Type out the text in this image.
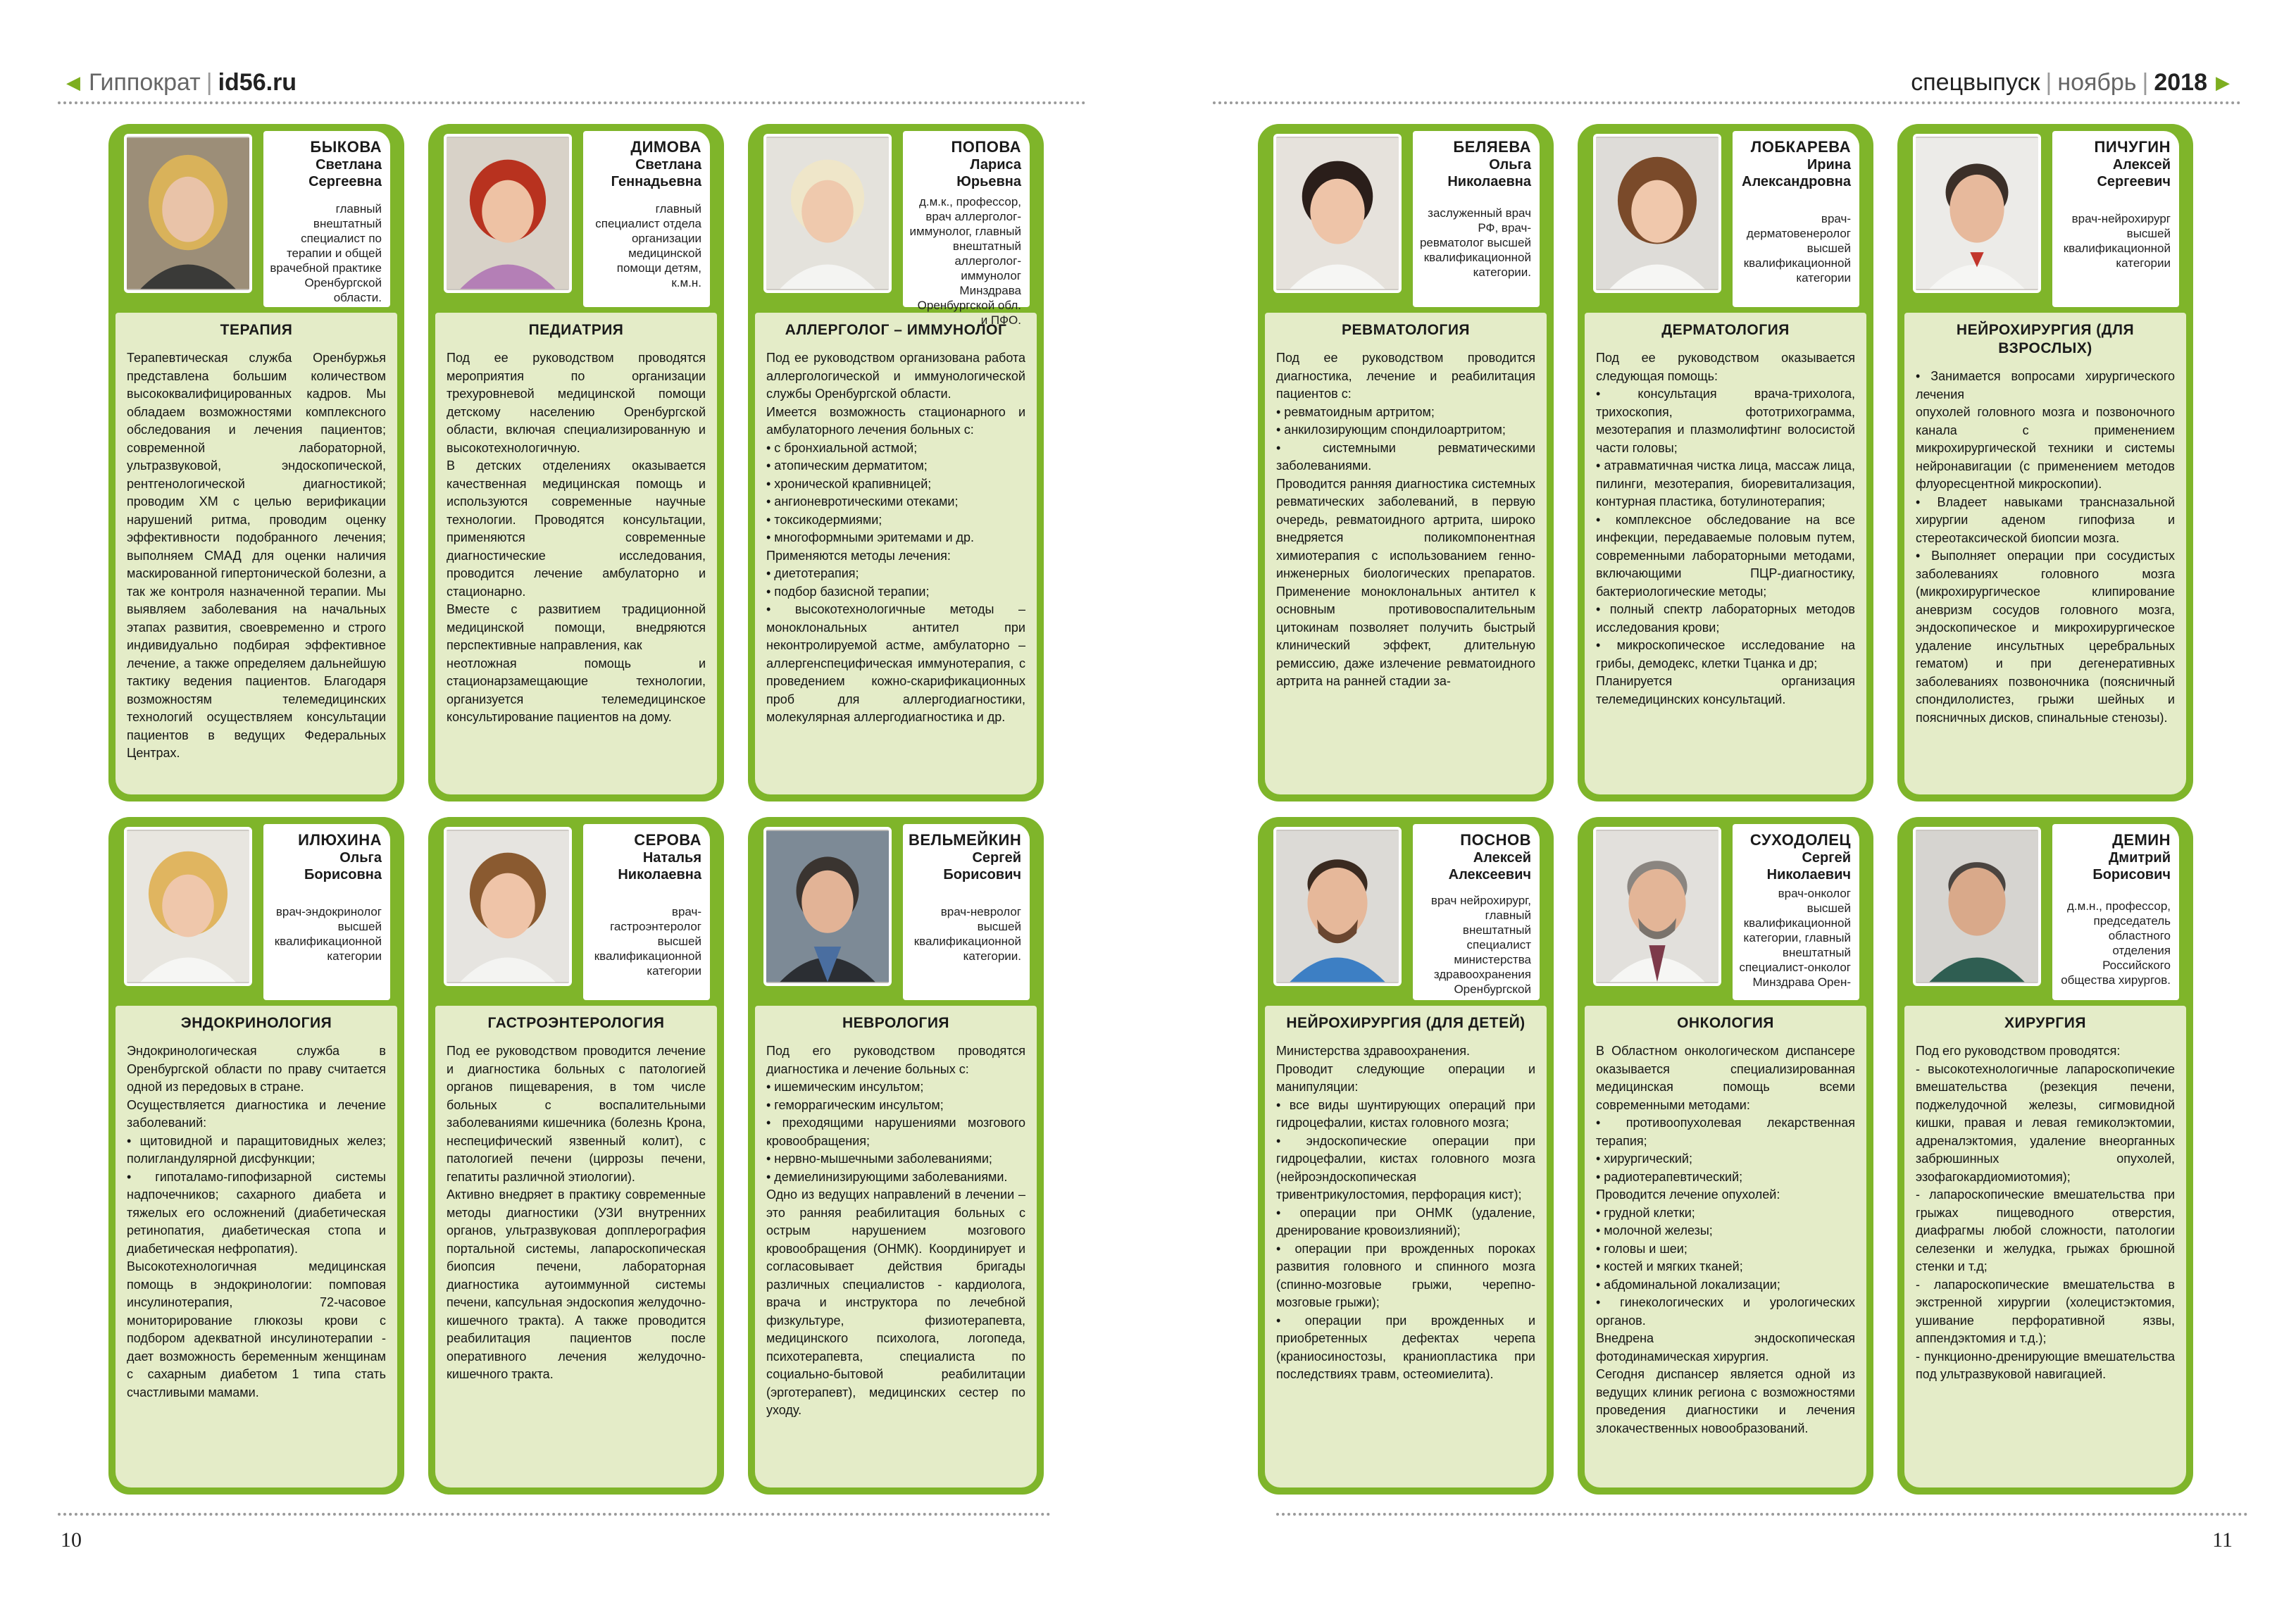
◀ Гиппократ | id56.ru
БЫКОВА
Светлана
Сергеевна
главный внештатный специалист по терапии и общей врачебной практике Оренбургской области.
ТЕРАПИЯ
Терапевтическая служба Оренбуржья представлена большим количеством высококвалифицированных кадров. Мы обладаем возможностями комплексного обследования и лечения пациентов; современной лабораторной, ультразвуковой, эндоскопической, рентгенологической диагностикой; проводим ХМ с целью верификации нарушений ритма, проводим оценку эффективности подобранного лечения; выполняем СМАД для оценки наличия маскированной гипертонической болезни, а так же контроля назначенной терапии. Мы выявляем заболевания на начальных этапах развития, своевременно и строго индивидуально подбирая эффективное лечение, а также определяем дальнейшую тактику ведения пациентов. Благодаря возможностям телемедицинских технологий осуществляем консультации пациентов в ведущих Федеральных Центрах.
ДИМОВА
Светлана
Геннадьевна
главный специалист отдела организации медицинской помощи детям, к.м.н.
ПЕДИАТРИЯ
Под ее руководством проводятся мероприятия по организации трехуровневой медицинской помощи детскому населению Оренбургской области, включая специализированную и высокотехнологичную.
В детских отделениях оказывается качественная медицинская помощь и используются современные научные технологии. Проводятся консультации, применяются современные диагностические исследования, проводится лечение амбулаторно и стационарно.
Вместе с развитием традиционной медицинской помощи, внедряются перспективные направления, как
неотложная помощь и стационарзамещающие технологии, организуется телемедицинское консультирование пациентов на дому.
ПОПОВА
Лариса
Юрьевна
д.м.к., профессор, врач аллерголог-иммунолог, главный внештатный аллерголог-иммунолог Минздрава Оренбургской обл. и ПФО.
АЛЛЕРГОЛОГ – ИММУНОЛОГ
Под ее руководством организована работа аллергологической и иммунологической службы Оренбургской области.
Имеется возможность стационарного и амбулаторного лечения больных с:
• с бронхиальной астмой;
• атопическим дерматитом;
• хронической крапивницей;
• ангионевротическими отеками;
• токсикодермиями;
• многоформными эритемами и др.
Применяются методы лечения:
• диетотерапия;
• подбор базисной терапии;
• высокотехнологичные методы – моноклональных антител при неконтролируемой астме, амбулаторно – аллергенспецифическая иммунотерапия, с проведением кожно-скарификационных проб для аллергодиагностики, молекулярная аллергодиагностика и др.
ИЛЮХИНА
Ольга
Борисовна
врач-эндокринолог высшей квалификационной категории
ЭНДОКРИНОЛОГИЯ
Эндокринологическая служба в Оренбургской области по праву считается одной из передовых в стране.
Осуществляется диагностика и лечение заболеваний:
• щитовидной и паращитовидных желез; полигландулярной дисфункции;
• гипоталамо-гипофизарной системы надпочечников; сахарного диабета и тяжелых его осложнений (диабетическая ретинопатия, диабетическая стопа и диабетическая нефропатия).
Высокотехнологичная медицинская помощь в эндокринологии: помповая инсулинотерапия, 72-часовое мониторирование глюкозы крови с подбором адекватной инсулинотерапии - дает возможность беременным женщинам с сахарным диабетом 1 типа стать счастливыми мамами.
СЕРОВА
Наталья
Николаевна
врач-гастроэнтеролог высшей квалификационной категории
ГАСТРОЭНТЕРОЛОГИЯ
Под ее руководством проводится лечение и диагностика больных с патологией органов пищеварения, в том числе больных с воспалительными заболеваниями кишечника (болезнь Крона, неспецифический язвенный колит), с патологией печени (циррозы печени, гепатиты различной этиологии).
Активно внедряет в практику современные методы диагностики (УЗИ внутренних органов, ультразвуковая допплерография портальной системы, лапароскопическая биопсия печени, лабораторная диагностика аутоиммунной системы печени, капсульная эндоскопия желудочно-кишечного тракта). А также проводится реабилитация пациентов после оперативного лечения желудочно-кишечного тракта.
ВЕЛЬМЕЙКИН
Сергей
Борисович
врач-невролог высшей квалификационной категории.
НЕВРОЛОГИЯ
Под его руководством проводятся диагностика и лечение больных с:
• ишемическим инсультом;
• геморрагическим инсультом;
• преходящими нарушениями мозгового кровообращения;
• нервно-мышечными заболеваниями;
• демиелинизирующими заболеваниями.
Одно из ведущих направлений в лечении – это ранняя реабилитация больных с острым нарушением мозгового кровообращения (ОНМК). Координирует и согласовывает действия бригады различных специалистов - кардиолога, врача и инструктора по лечебной физкультуре, физиотерапевта, медицинского психолога, логопеда, психотерапевта, специалиста по социально-бытовой реабилитации (эрготерапевт), медицинских сестер по уходу.
10
спецвыпуск | ноябрь | 2018 ▶
БЕЛЯЕВА
Ольга
Николаевна
заслуженный врач РФ, врач-ревматолог высшей квалификационной категории.
РЕВМАТОЛОГИЯ
Под ее руководством проводится диагностика, лечение и реабилитация пациентов с:
• ревматоидным артритом;
• анкилозирующим спондилоартритом;
• системными ревматическими заболеваниями.
Проводится ранняя диагностика системных ревматических заболеваний, в первую очередь, ревматоидного артрита, широко внедряется поликомпонентная химиотерапия с использованием генно-инженерных биологических препаратов. Применение моноклональных антител к основным противовоспалительным цитокинам позволяет получить быстрый клинический эффект, длительную ремиссию, даже излечение ревматоидного артрита на ранней стадии за-
ЛОБКАРЕВА
Ирина
Александровна
врач-дерматовенеролог высшей квалификационной категории
ДЕРМАТОЛОГИЯ
Под ее руководством оказывается следующая помощь:
• консультация врача-трихолога, трихоскопия, фототрихограмма, мезотерапия и плазмолифтинг волосистой части головы;
• атравматичная чистка лица, массаж лица, пилинги, мезотерапия, биоревитализация, контурная пластика, ботулинотерапия;
• комплексное обследование на все инфекции, передаваемые половым путем, современными лабораторными методами, включающими ПЦР-диагностику, бактериологические методы;
• полный спектр лабораторных методов исследования крови;
• микроскопическое исследование на грибы, демодекс, клетки Тцанка и др;
Планируется организация телемедицинских консультаций.
ПИЧУГИН
Алексей
Сергеевич
врач-нейрохирург высшей квалификационной категории
НЕЙРОХИРУРГИЯ (ДЛЯ ВЗРОСЛЫХ)
• Занимается вопросами хирургического лечения
опухолей головного мозга и позвоночного канала с применением микрохирургической техники и системы нейронавигации (с применением методов флуоресцентной микроскопии).
• Владеет навыками трансназальной хирургии аденом гипофиза и стереотаксической биопсии мозга.
• Выполняет операции при сосудистых заболеваниях головного мозга (микрохирургическое клипирование аневризм сосудов головного мозга, эндоскопическое и микрохирургическое удаление инсультных церебральных гематом) и при дегенеративных заболеваниях позвоночника (поясничный спондилолистез, грыжи шейных и поясничных дисков, спинальные стенозы).
ПОСНОВ
Алексей
Алексеевич
врач нейрохирург, главный внештатный специалист министерства здравоохранения Оренбургской
НЕЙРОХИРУРГИЯ (ДЛЯ ДЕТЕЙ)
Министерства здравоохранения.
Проводит следующие операции и манипуляции:
• все виды шунтирующих операций при гидроцефалии, кистах головного мозга;
• эндоскопические операции при гидроцефалии, кистах головного мозга (нейроэндоскопическая тривентрикулостомия, перфорация кист);
• операции при ОНМК (удаление, дренирование кровоизлияний);
• операции при врожденных пороках развития головного и спинного мозга (спинно-мозговые грыжи, черепно-мозговые грыжи);
• операции при врожденных и приобретенных дефектах черепа (краниосиностозы, краниопластика при последствиях травм, остеомиелита).
СУХОДОЛЕЦ
Сергей
Николаевич
врач-онколог высшей квалификационной категории, главный внештатный специалист-онколог Минздрава Орен-
ОНКОЛОГИЯ
В Областном онкологическом диспансере оказывается специализированная медицинская помощь всеми современными методами:
• противоопухолевая лекарственная терапия;
• хирургический;
• радиотерапевтический;
Проводится лечение опухолей:
• грудной клетки;
• молочной железы;
• головы и шеи;
• костей и мягких тканей;
• абдоминальной локализации;
• гинекологических и урологических органов.
Внедрена эндоскопическая фотодинамическая хирургия.
Сегодня диспансер является одной из ведущих клиник региона с возможностями проведения диагностики и лечения злокачественных новообразований.
ДЕМИН
Дмитрий
Борисович
д.м.н., профессор, председатель областного отделения Российского общества хирургов.
ХИРУРГИЯ
Под его руководством проводятся:
- высокотехнологичные лапароскопичекие вмешательства (резекция печени, поджелудочной железы, сигмовидной кишки, правая и левая гемиколэктомии, адреналэктомия, удаление внеорганных забрюшинных опухолей, эзофагокардиомиотомия);
- лапароскопические вмешательства при грыжах пищеводного отверстия, диафрагмы любой сложности, патологии селезенки и желудка, грыжах брюшной стенки и т.д;
- лапароскопические вмешательства в экстренной хирургии (холецистэктомия, ушивание перфоративной язвы, аппендэктомия и т.д.);
- пункционно-дренирующие вмешательства под ультразвуковой навигацией.
11
